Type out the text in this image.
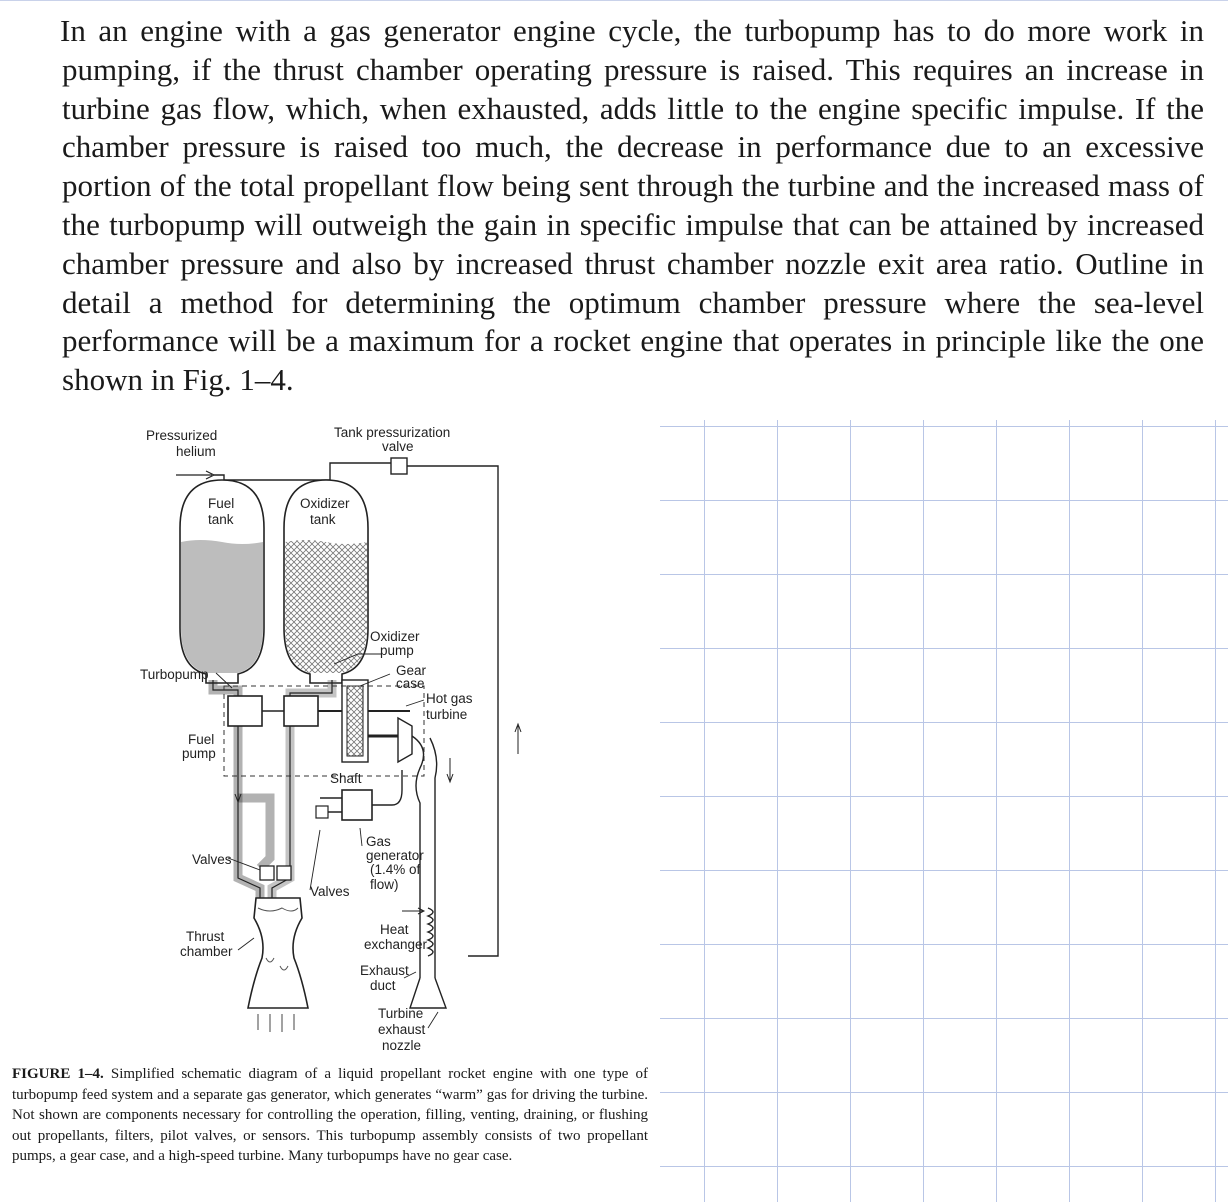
In an engine with a gas generator engine cycle, the turbopump has to do more work in pumping, if the thrust chamber operating pressure is raised. This requires an increase in turbine gas flow, which, when exhausted, adds little to the engine specific impulse. If the chamber pressure is raised too much, the decrease in performance due to an excessive portion of the total propellant flow being sent through the turbine and the increased mass of the turbopump will outweigh the gain in specific impulse that can be attained by increased chamber pressure and also by increased thrust chamber nozzle exit area ratio. Outline in detail a method for determining the optimum chamber pressure where the sea-level performance will be a maximum for a rocket engine that operates in principle like the one shown in Fig. 1–4.
Pressurized
helium
Tank pressurization
valve
Fuel
tank
Oxidizer
tank
Oxidizer
pump
Gear
case
Turbopump
Hot gas
turbine
Fuel
pump
Shaft
Gas
generator
(1.4% of
flow)
Valves
Valves
Heat
exchanger
Thrust
chamber
Exhaust
duct
Turbine
exhaust
nozzle
FIGURE 1–4. Simplified schematic diagram of a liquid propellant rocket engine with one type of turbopump feed system and a separate gas generator, which generates “warm” gas for driving the turbine. Not shown are components necessary for controlling the operation, filling, venting, draining, or flushing out propellants, filters, pilot valves, or sensors. This turbopump assembly consists of two propellant pumps, a gear case, and a high-speed turbine. Many turbopumps have no gear case.
